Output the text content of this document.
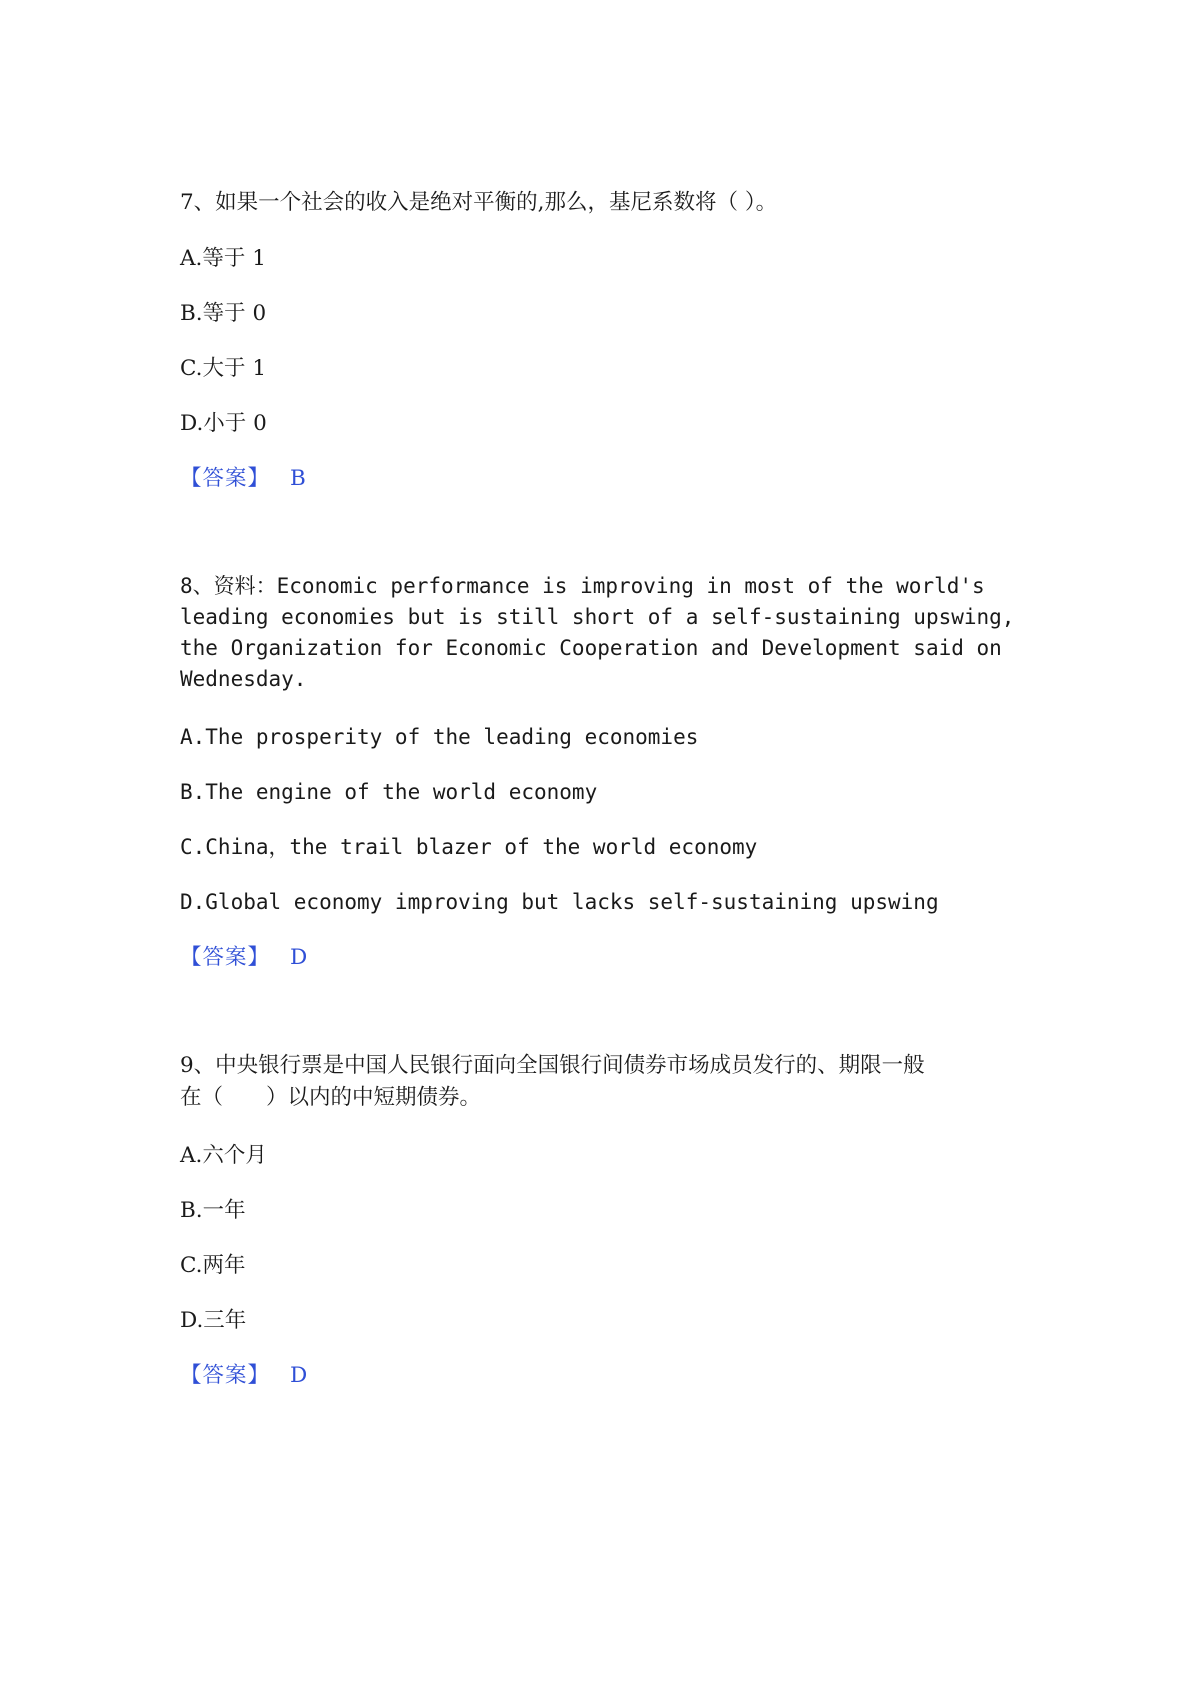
7、如果一个社会的收入是绝对平衡的,那么，基尼系数将（ ）。
A.等于 1
B.等于 0
C.大于 1
D.小于 0
【答案】 B
8、资料：Economic performance is improving in most of the world's
leading economies but is still short of a self-sustaining upswing,
the Organization for Economic Cooperation and Development said on
Wednesday.
A.The prosperity of the leading economies
B.The engine of the world economy
C.China，the trail blazer of the world economy
D.Global economy improving but lacks self-sustaining upswing
【答案】 D
9、中央银行票是中国人民银行面向全国银行间债券市场成员发行的、期限一般
在（　　）以内的中短期债券。
A.六个月
B.一年
C.两年
D.三年
【答案】 D
